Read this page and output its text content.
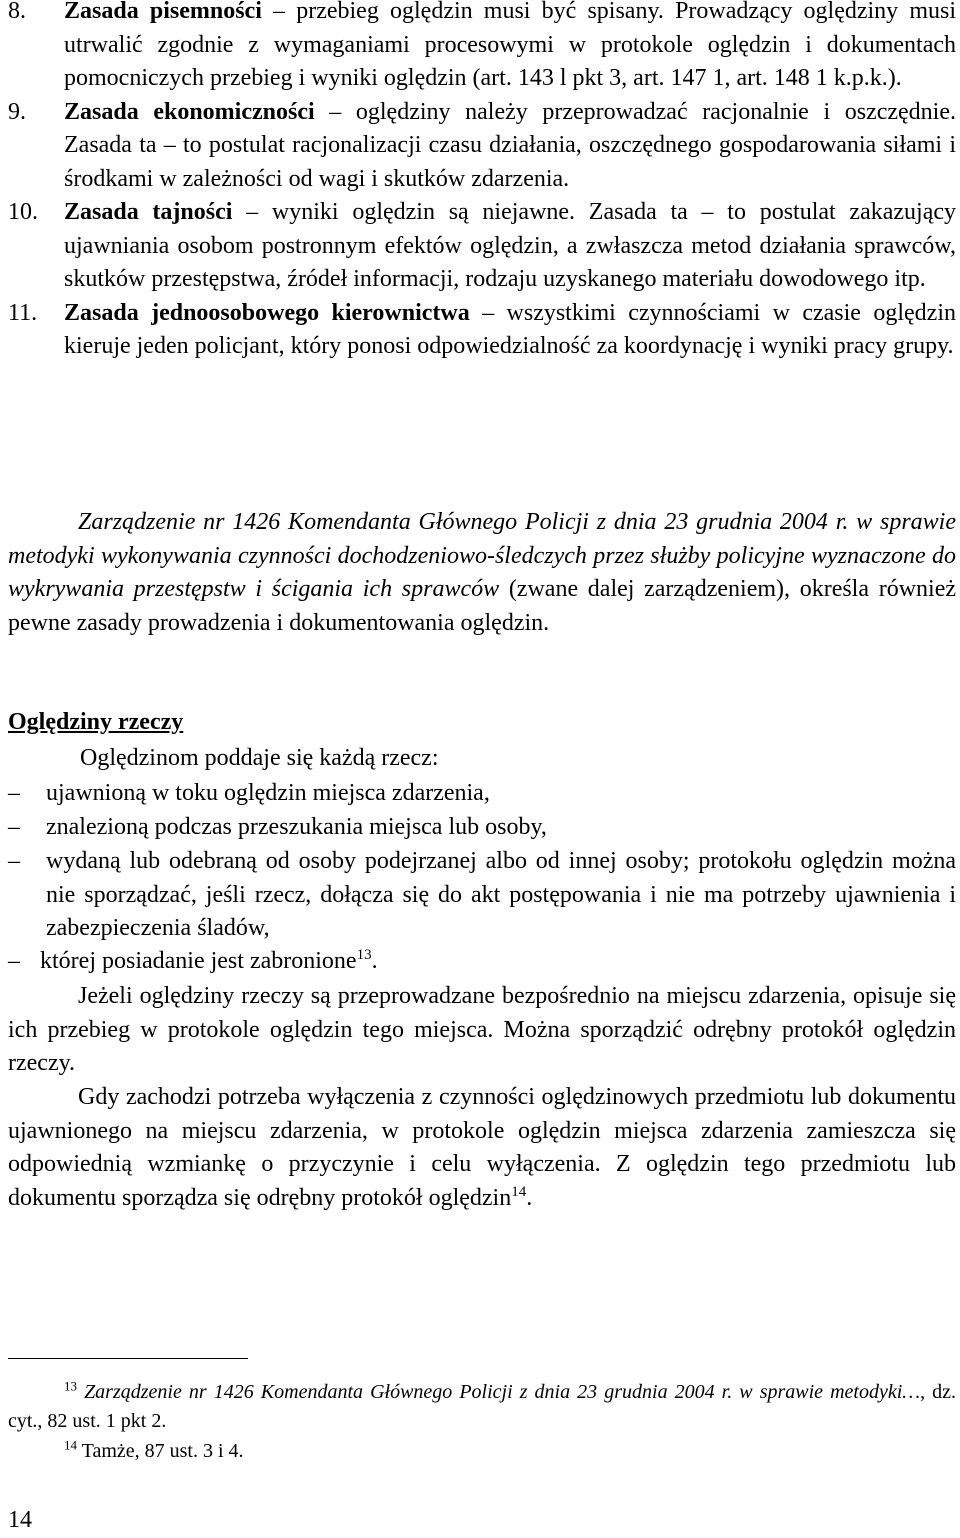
8.	Zasada pisemności – przebieg oględzin musi być spisany. Prowadzący oględziny musi utrwalić zgodnie z wymaganiami procesowymi w protokole oględzin i dokumentach pomocniczych przebieg i wyniki oględzin (art. 143 l pkt 3, art. 147 1, art. 148 1 k.p.k.).
9.	Zasada ekonomiczności – oględziny należy przeprowadzać racjonalnie i oszczędnie. Zasada ta – to postulat racjonalizacji czasu działania, oszczędnego gospodarowania siłami i środkami w zależności od wagi i skutków zdarzenia.
10.	Zasada tajności – wyniki oględzin są niejawne. Zasada ta – to postulat zakazujący ujawniania osobom postronnym efektów oględzin, a zwłaszcza metod działania sprawców, skutków przestępstwa, źródeł informacji, rodzaju uzyskanego materiału dowodowego itp.
11.	Zasada jednoosobowego kierownictwa – wszystkimi czynnościami w czasie oględzin kieruje jeden policjant, który ponosi odpowiedzialność za koordynację i wyniki pracy grupy.
Zarządzenie nr 1426 Komendanta Głównego Policji z dnia 23 grudnia 2004 r. w sprawie metodyki wykonywania czynności dochodzeniowo-śledczych przez służby policyjne wyznaczone do wykrywania przestępstw i ścigania ich sprawców (zwane dalej zarządzeniem), określa również pewne zasady prowadzenia i dokumentowania oględzin.
Oględziny rzeczy
Oględzinom poddaje się każdą rzecz:
– ujawnioną w toku oględzin miejsca zdarzenia,
– znalezioną podczas przeszukania miejsca lub osoby,
– wydaną lub odebraną od osoby podejrzanej albo od innej osoby; protokołu oględzin można nie sporządzać, jeśli rzecz, dołącza się do akt postępowania i nie ma potrzeby ujawnienia i zabezpieczenia śladów,
– której posiadanie jest zabronione$^{13}$.
Jeżeli oględziny rzeczy są przeprowadzane bezpośrednio na miejscu zdarzenia, opisuje się ich przebieg w protokole oględzin tego miejsca. Można sporządzić odrębny protokół oględzin rzeczy.
Gdy zachodzi potrzeba wyłączenia z czynności oględzinowych przedmiotu lub dokumentu ujawnionego na miejscu zdarzenia, w protokole oględzin miejsca zdarzenia zamieszcza się odpowiednią wzmiankę o przyczynie i celu wyłączenia. Z oględzin tego przedmiotu lub dokumentu sporządza się odrębny protokół oględzin$^{14}$.
$^{13}$ Zarządzenie nr 1426 Komendanta Głównego Policji z dnia 23 grudnia 2004 r. w sprawie metodyki…, dz. cyt., 82 ust. 1 pkt 2.
$^{14}$ Tamże, 87 ust. 3 i 4.
14
